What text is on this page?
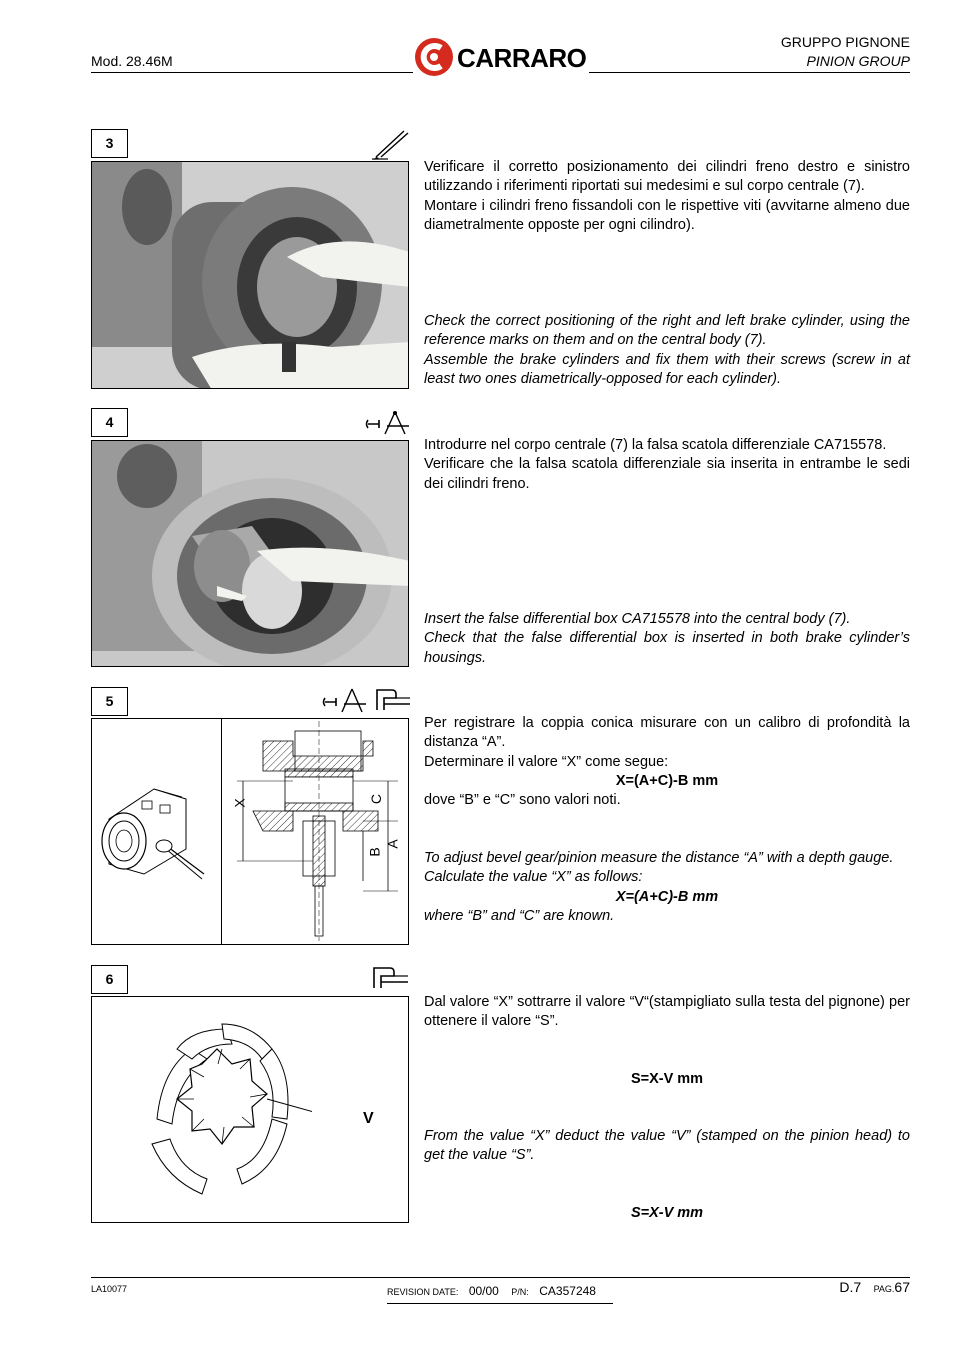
Mod. 28.46M	CARRARO
GRUPPO PIGNONE
PINION GROUP
3

Verificare il corretto posizionamento dei cilindri freno destro e sinistro utilizzando i riferimenti riportati sui medesimi e sul corpo centrale (7).

Montare i cilindri freno fissandoli con le rispettive viti (avvitarne almeno due diametralmente opposte per ogni cilindro).

Check the correct positioning of the right and left brake cylinder, using the reference marks on them and on the central body (7).

Assemble the brake cylinders and fix them with their screws (screw in at least two ones diametrically-opposed for each cylinder).

4

Introdurre nel corpo centrale (7) la falsa scatola differenziale CA715578.

Verificare che la falsa scatola differenziale sia inserita in entrambe le sedi dei cilindri freno.

Insert the false differential box CA715578 into the central body (7).

Check that the false differential box is inserted in both brake cylinder’s housings.

5
X	C
B
A

Per registrare la coppia conica misurare con un calibro di profondità la distanza “A”.

Determinare il valore “X” come segue:

X=(A+C)-B mm

dove “B” e “C” sono valori noti.

To adjust bevel gear/pinion measure the distance “A” with a depth gauge.

Calculate the value “X” as follows:

X=(A+C)-B mm

where “B” and “C” are known.

6
V

Dal valore “X” sottrarre il valore “V“(stampigliato sulla testa del pignone) per ottenere il valore “S”.

S=X-V mm

From the value “X” deduct the value “V” (stamped on the pinion head) to get the value “S”.

S=X-V mm

LA10077	REVISION DATE: 00/00 P/N: CA357248	D.7 PAG.67
